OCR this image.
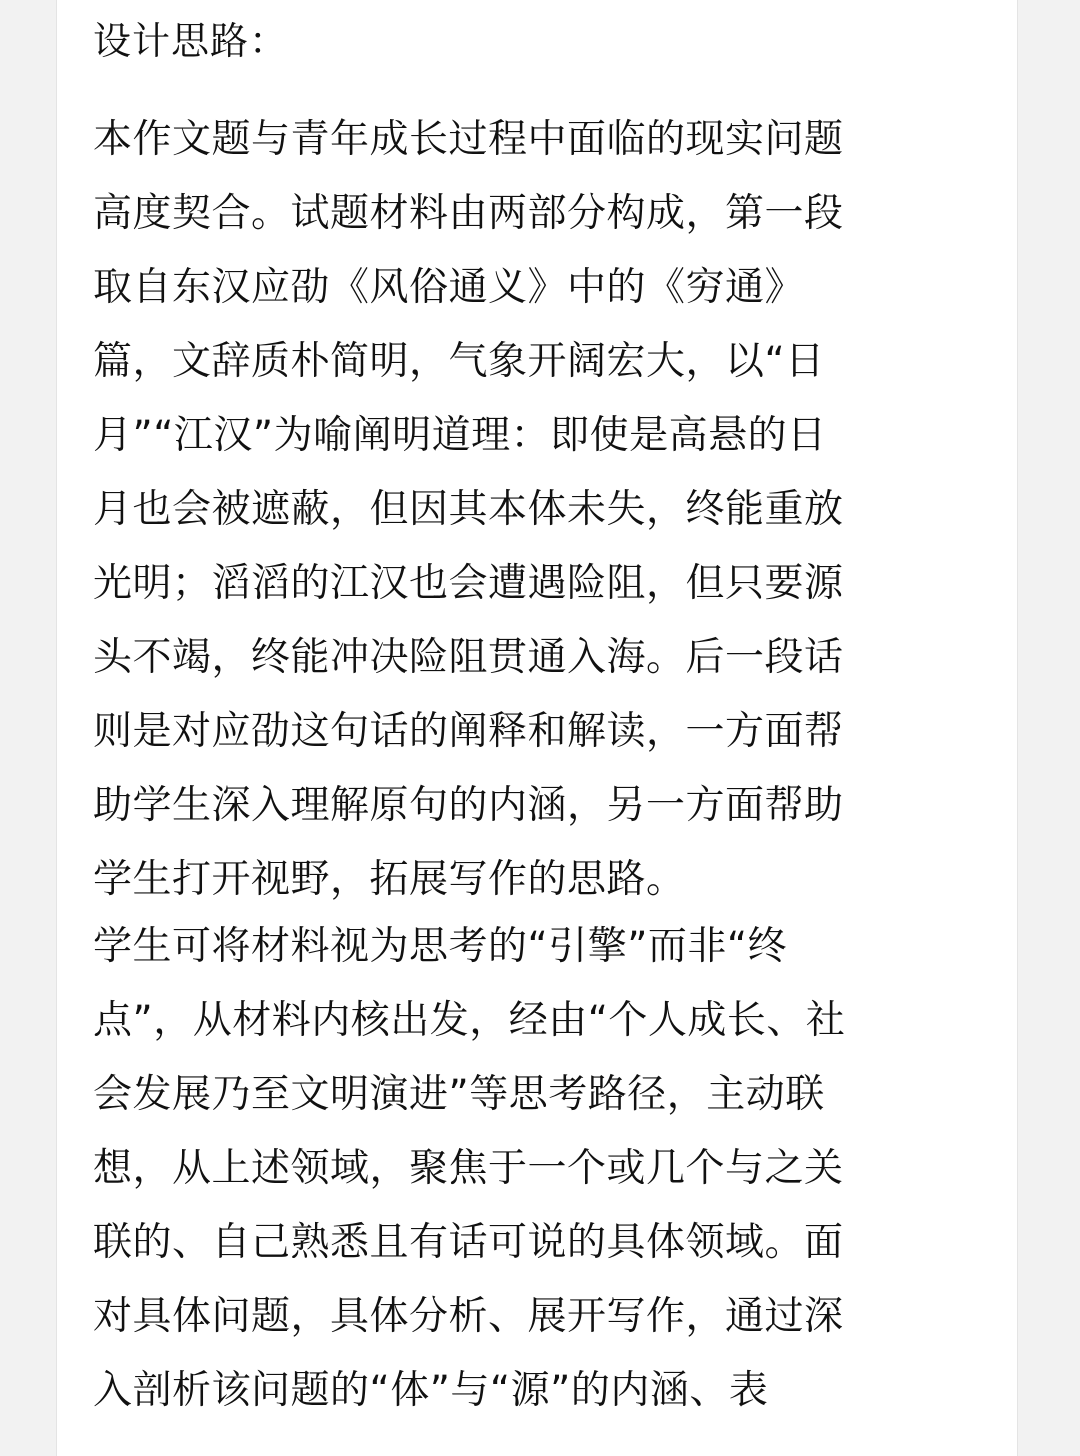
设计思路：
本作文题与青年成长过程中面临的现实问题
高度契合。试题材料由两部分构成，第一段
取自东汉应劭《风俗通义》中的《穷通》
篇，文辞质朴简明，气象开阔宏大，以“日
月”“江汉”为喻阐明道理：即使是高悬的日
月也会被遮蔽，但因其本体未失，终能重放
光明；滔滔的江汉也会遭遇险阻，但只要源
头不竭，终能冲决险阻贯通入海。后一段话
则是对应劭这句话的阐释和解读，一方面帮
助学生深入理解原句的内涵，另一方面帮助
学生打开视野，拓展写作的思路。
学生可将材料视为思考的“引擎”而非“终
点”，从材料内核出发，经由“个人成长、社
会发展乃至文明演进”等思考路径，主动联
想，从上述领域，聚焦于一个或几个与之关
联的、自己熟悉且有话可说的具体领域。面
对具体问题，具体分析、展开写作，通过深
入剖析该问题的“体”与“源”的内涵、表
